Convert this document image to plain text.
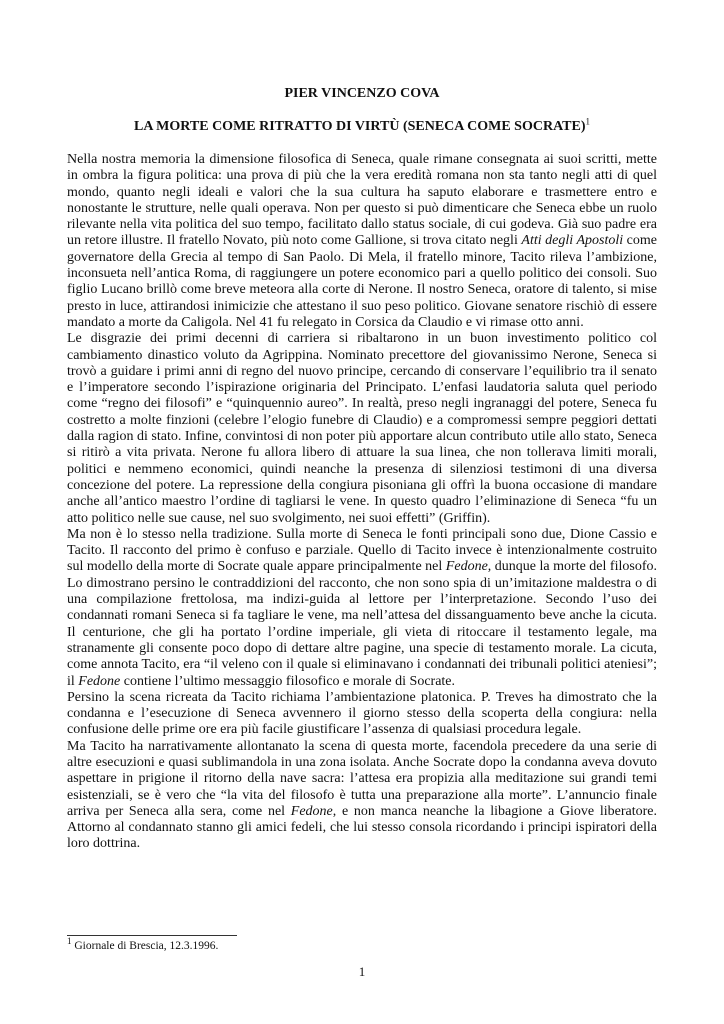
PIER VINCENZO COVA

LA MORTE COME RITRATTO DI VIRTÙ (SENECA COME SOCRATE)$^1$

Nella nostra memoria la dimensione filosofica di Seneca, quale rimane consegnata ai suoi scritti, mette in ombra la figura politica: una prova di più che la vera eredità romana non sta tanto negli atti di quel mondo, quanto negli ideali e valori che la sua cultura ha saputo elaborare e trasmettere entro e nonostante le strutture, nelle quali operava. Non per questo si può dimenticare che Seneca ebbe un ruolo rilevante nella vita politica del suo tempo, facilitato dallo status sociale, di cui godeva. Già suo padre era un retore illustre. Il fratello Novato, più noto come Gallione, si trova citato negli Atti degli Apostoli come governatore della Grecia al tempo di San Paolo. Di Mela, il fratello minore, Tacito rileva l’ambizione, inconsueta nell’antica Roma, di raggiungere un potere economico pari a quello politico dei consoli. Suo figlio Lucano brillò come breve meteora alla corte di Nerone. Il nostro Seneca, oratore di talento, si mise presto in luce, attirandosi inimicizie che attestano il suo peso politico. Giovane senatore rischiò di essere mandato a morte da Caligola. Nel 41 fu relegato in Corsica da Claudio e vi rimase otto anni.

Le disgrazie dei primi decenni di carriera si ribaltarono in un buon investimento politico col cambiamento dinastico voluto da Agrippina. Nominato precettore del giovanissimo Nerone, Seneca si trovò a guidare i primi anni di regno del nuovo principe, cercando di conservare l’equilibrio tra il senato e l’imperatore secondo l’ispirazione originaria del Principato. L’enfasi laudatoria saluta quel periodo come “regno dei filosofi” e “quinquennio aureo”. In realtà, preso negli ingranaggi del potere, Seneca fu costretto a molte finzioni (celebre l’elogio funebre di Claudio) e a compromessi sempre peggiori dettati dalla ragion di stato. Infine, convintosi di non poter più apportare alcun contributo utile allo stato, Seneca si ritirò a vita privata. Nerone fu allora libero di attuare la sua linea, che non tollerava limiti morali, politici e nemmeno economici, quindi neanche la presenza di silenziosi testimoni di una diversa concezione del potere. La repressione della congiura pisoniana gli offrì la buona occasione di mandare anche all’antico maestro l’ordine di tagliarsi le vene. In questo quadro l’eliminazione di Seneca “fu un atto politico nelle sue cause, nel suo svolgimento, nei suoi effetti” (Griffin).

Ma non è lo stesso nella tradizione. Sulla morte di Seneca le fonti principali sono due, Dione Cassio e Tacito. Il racconto del primo è confuso e parziale. Quello di Tacito invece è intenzionalmente costruito sul modello della morte di Socrate quale appare principalmente nel Fedone, dunque la morte del filosofo. Lo dimostrano persino le contraddizioni del racconto, che non sono spia di un’imitazione maldestra o di una compilazione frettolosa, ma indizi-guida al lettore per l’interpretazione. Secondo l’uso dei condannati romani Seneca si fa tagliare le vene, ma nell’attesa del dissanguamento beve anche la cicuta. Il centurione, che gli ha portato l’ordine imperiale, gli vieta di ritoccare il testamento legale, ma stranamente gli consente poco dopo di dettare altre pagine, una specie di testamento morale. La cicuta, come annota Tacito, era “il veleno con il quale si eliminavano i condannati dei tribunali politici ateniesi”; il Fedone contiene l’ultimo messaggio filosofico e morale di Socrate.

Persino la scena ricreata da Tacito richiama l’ambientazione platonica. P. Treves ha dimostrato che la condanna e l’esecuzione di Seneca avvennero il giorno stesso della scoperta della congiura: nella confusione delle prime ore era più facile giustificare l’assenza di qualsiasi procedura legale.

Ma Tacito ha narrativamente allontanato la scena di questa morte, facendola precedere da una serie di altre esecuzioni e quasi sublimandola in una zona isolata. Anche Socrate dopo la condanna aveva dovuto aspettare in prigione il ritorno della nave sacra: l’attesa era propizia alla meditazione sui grandi temi esistenziali, se è vero che “la vita del filosofo è tutta una preparazione alla morte”. L’annuncio finale arriva per Seneca alla sera, come nel Fedone, e non manca neanche la libagione a Giove liberatore. Attorno al condannato stanno gli amici fedeli, che lui stesso consola ricordando i principi ispiratori della loro dottrina.

$^1$ Giornale di Brescia, 12.3.1996.

1
